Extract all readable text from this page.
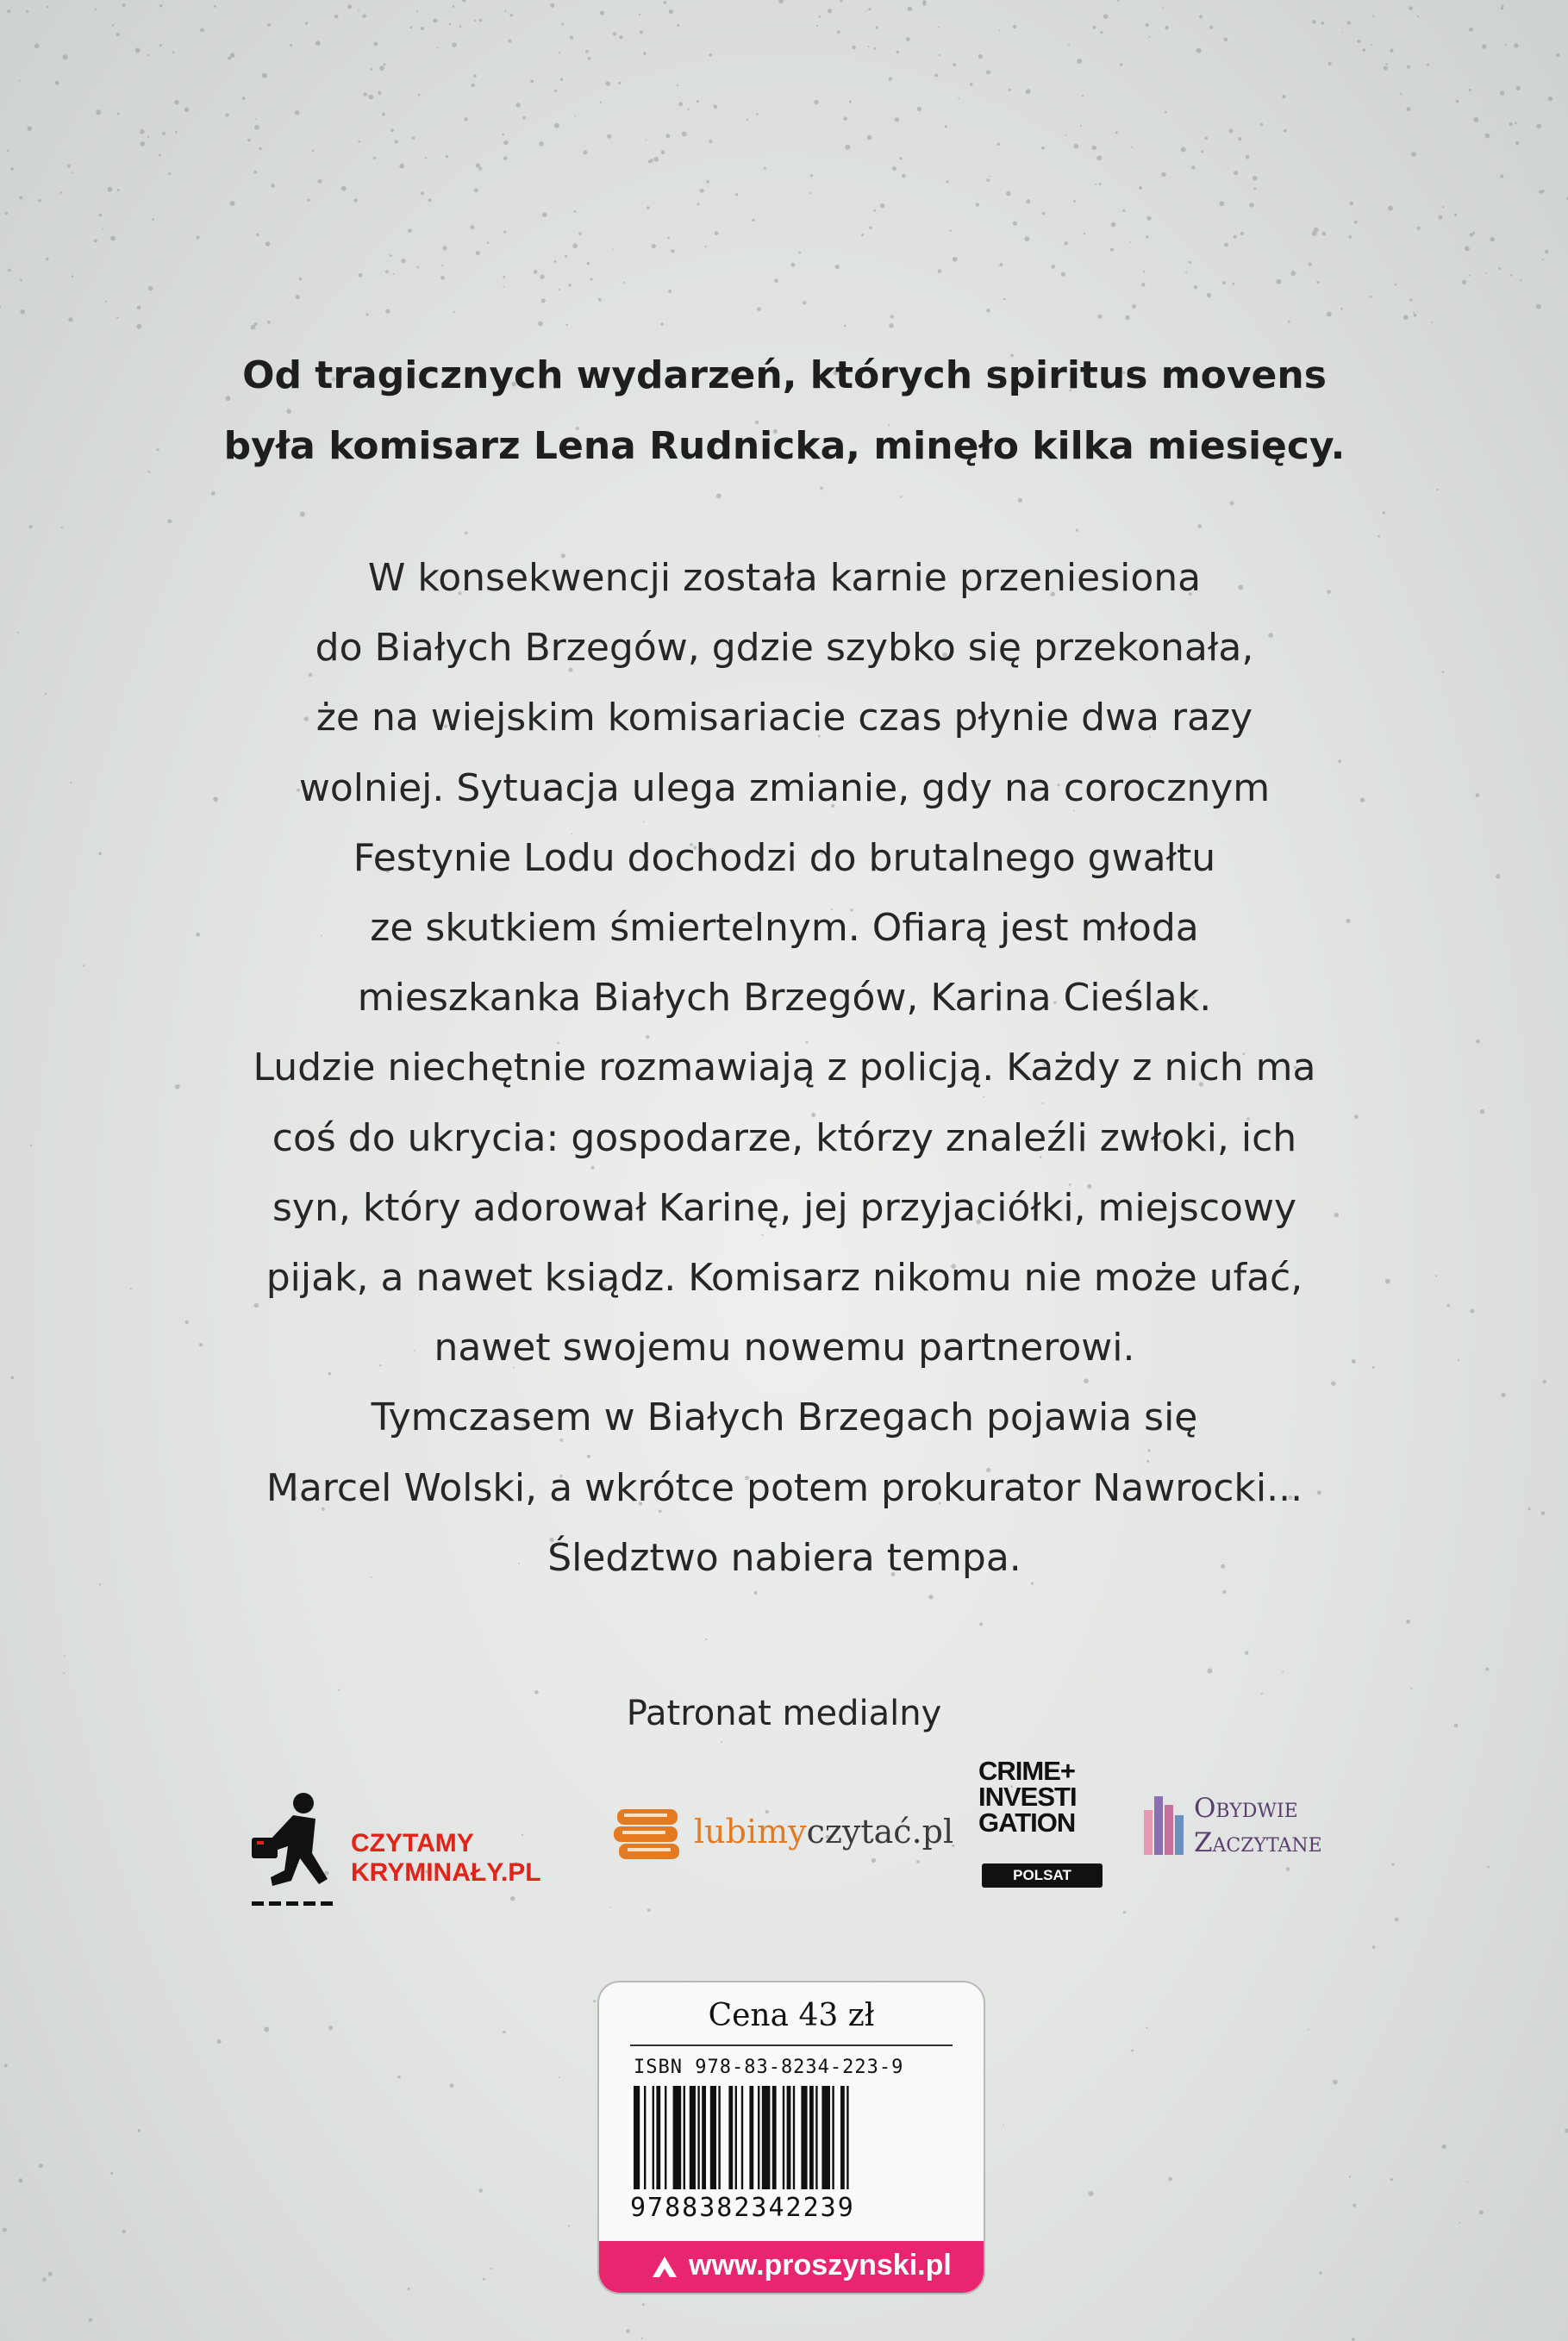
Od tragicznych wydarzeń, których spiritus movens
była komisarz Lena Rudnicka, minęło kilka miesięcy.

W konsekwencji została karnie przeniesiona
do Białych Brzegów, gdzie szybko się przekonała,
że na wiejskim komisariacie czas płynie dwa razy
wolniej. Sytuacja ulega zmianie, gdy na corocznym
Festynie Lodu dochodzi do brutalnego gwałtu
ze skutkiem śmiertelnym. Ofiarą jest młoda
mieszkanka Białych Brzegów, Karina Cieślak.
Ludzie niechętnie rozmawiają z policją. Każdy z nich ma
coś do ukrycia: gospodarze, którzy znaleźli zwłoki, ich
syn, który adorował Karinę, jej przyjaciółki, miejscowy
pijak, a nawet ksiądz. Komisarz nikomu nie może ufać,
nawet swojemu nowemu partnerowi.
Tymczasem w Białych Brzegach pojawia się
Marcel Wolski, a wkrótce potem prokurator Nawrocki...
Śledztwo nabiera tempa.

Patronat medialny
CZYTAMY
KRYMINAŁY.PL
lubimyczytać.pl
CRIME+
INVESTI
GATION
POLSAT
Obydwie
Zaczytane
Cena 43 zł
ISBN 978-83-8234-223-9
9788382342239
www.proszynski.pl
